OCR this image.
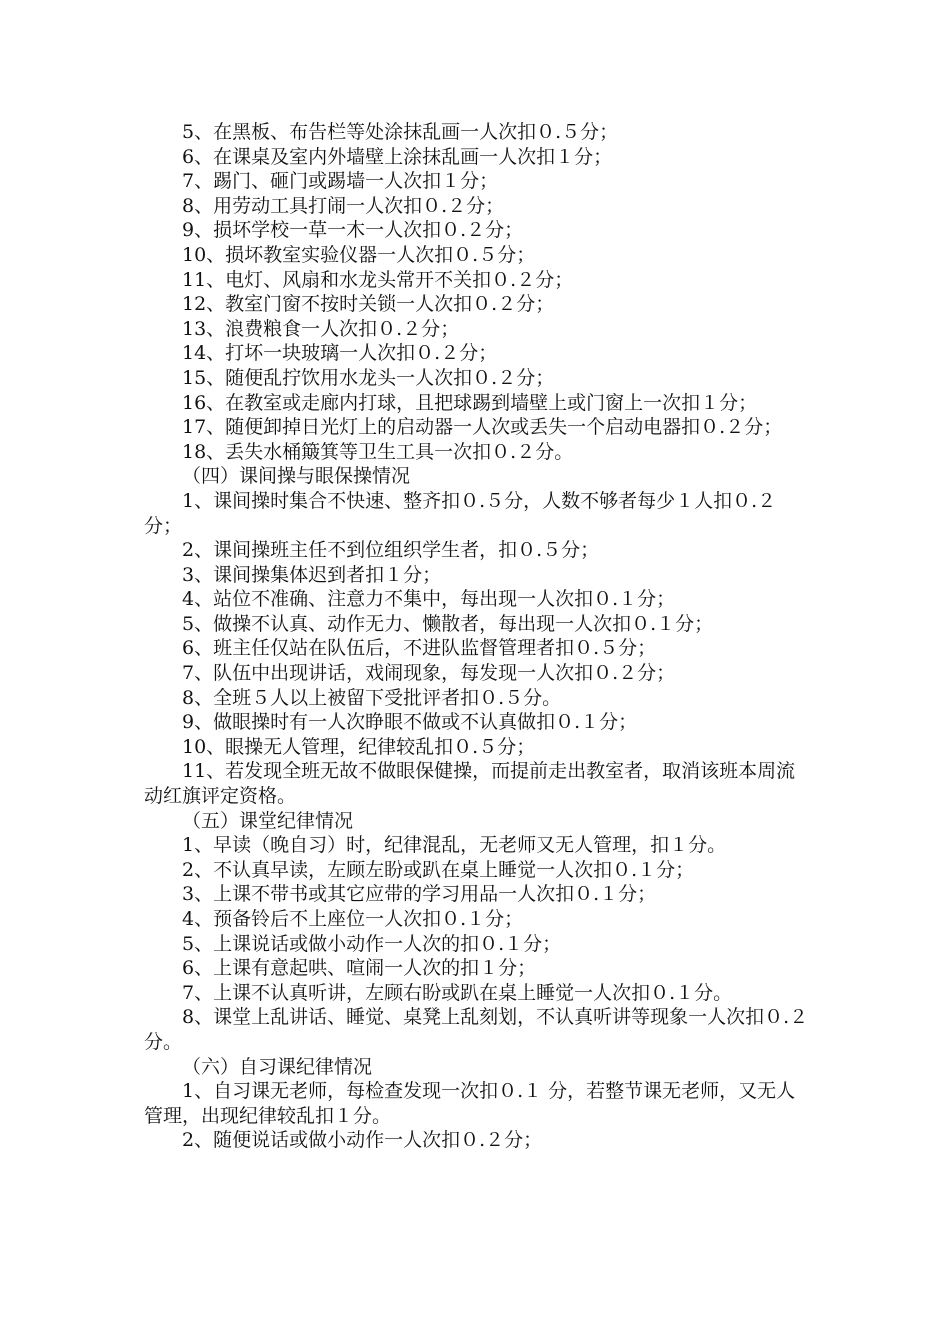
5、在黑板、布告栏等处涂抹乱画一人次扣０.５分；

6、在课桌及室内外墙壁上涂抹乱画一人次扣１分；

7、踢门、砸门或踢墙一人次扣１分；

8、用劳动工具打闹一人次扣０.２分；

9、损坏学校一草一木一人次扣０.２分；

10、损坏教室实验仪器一人次扣０.５分；

11、电灯、风扇和水龙头常开不关扣０.２分；

12、教室门窗不按时关锁一人次扣０.２分；

13、浪费粮食一人次扣０.２分；

14、打坏一块玻璃一人次扣０.２分；

15、随便乱拧饮用水龙头一人次扣０.２分；

16、在教室或走廊内打球，且把球踢到墙壁上或门窗上一次扣１分；

17、随便卸掉日光灯上的启动器一人次或丢失一个启动电器扣０.２分；

18、丢失水桶簸箕等卫生工具一次扣０.２分。

（四）课间操与眼保操情况

1、课间操时集合不快速、整齐扣０.５分，人数不够者每少１人扣０.２分；

2、课间操班主任不到位组织学生者，扣０.５分；

3、课间操集体迟到者扣１分；

4、站位不准确、注意力不集中，每出现一人次扣０.１分；

5、做操不认真、动作无力、懒散者，每出现一人次扣０.１分；

6、班主任仅站在队伍后，不进队监督管理者扣０.５分；

7、队伍中出现讲话，戏闹现象，每发现一人次扣０.２分；

8、全班５人以上被留下受批评者扣０.５分。

9、做眼操时有一人次睁眼不做或不认真做扣０.１分；

10、眼操无人管理，纪律较乱扣０.５分；

11、若发现全班无故不做眼保健操，而提前走出教室者，取消该班本周流动红旗评定资格。

（五）课堂纪律情况

1、早读（晚自习）时，纪律混乱，无老师又无人管理，扣１分。

2、不认真早读，左顾左盼或趴在桌上睡觉一人次扣０.１分；

3、上课不带书或其它应带的学习用品一人次扣０.１分；

4、预备铃后不上座位一人次扣０.１分；

5、上课说话或做小动作一人次的扣０.１分；

6、上课有意起哄、喧闹一人次的扣１分；

7、上课不认真听讲，左顾右盼或趴在桌上睡觉一人次扣０.１分。

8、课堂上乱讲话、睡觉、桌凳上乱刻划，不认真听讲等现象一人次扣０.２分。

（六）自习课纪律情况

1、自习课无老师，每检查发现一次扣０.１ 分，若整节课无老师，又无人管理，出现纪律较乱扣１分。

2、随便说话或做小动作一人次扣０.２分；
